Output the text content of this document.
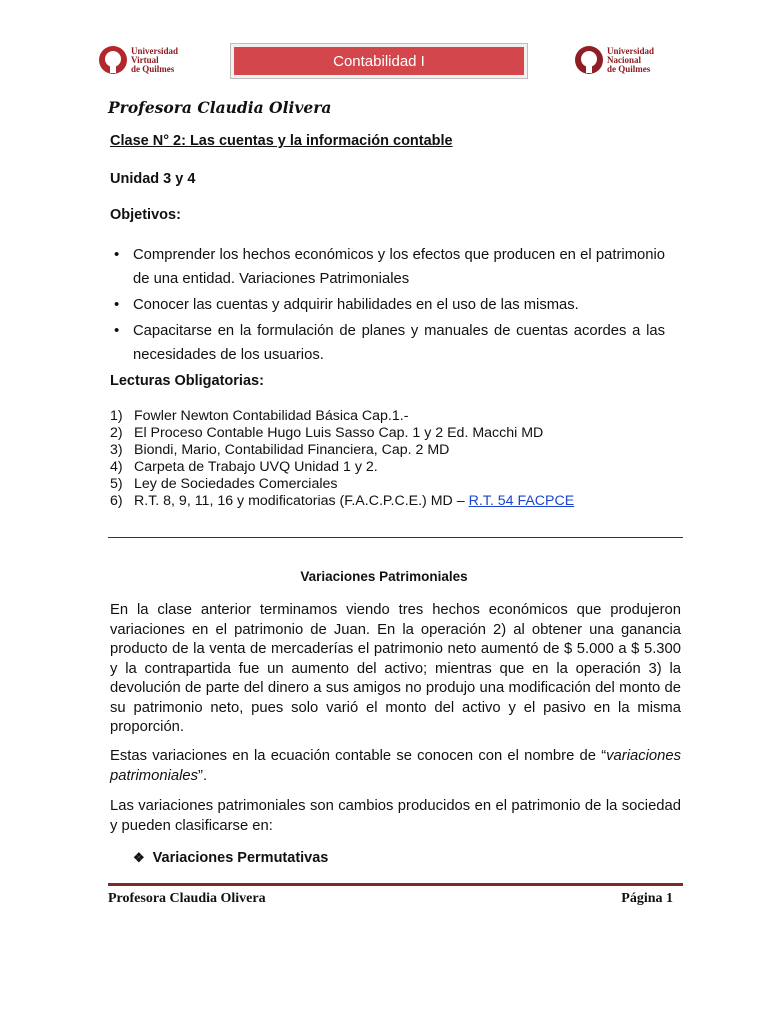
Universidad
Virtual
de Quilmes	Contabilidad I
Universidad
Nacional
de Quilmes
Profesora Claudia Olivera
Clase N° 2: Las cuentas y la información contable
Unidad 3 y 4
Objetivos:
• Comprender los hechos económicos y los efectos que producen en el patrimonio de una entidad. Variaciones Patrimoniales
• Conocer las cuentas y adquirir habilidades en el uso de las mismas.
• Capacitarse en la formulación de planes y manuales de cuentas acordes a las necesidades de los usuarios.
Lecturas Obligatorias:
1) Fowler Newton Contabilidad Básica Cap.1.-
2) El Proceso Contable Hugo Luis Sasso Cap. 1 y 2 Ed. Macchi MD
3) Biondi, Mario, Contabilidad Financiera, Cap. 2 MD
4) Carpeta de Trabajo UVQ Unidad 1 y 2.
5) Ley de Sociedades Comerciales
6) R.T. 8, 9, 11, 16 y modificatorias (F.A.C.P.C.E.) MD – R.T. 54 FACPCE
Variaciones Patrimoniales
En la clase anterior terminamos viendo tres hechos económicos que produjeron variaciones en el patrimonio de Juan. En la operación 2) al obtener una ganancia producto de la venta de mercaderías el patrimonio neto aumentó de $ 5.000 a $ 5.300 y la contrapartida fue un aumento del activo; mientras que en la operación 3) la devolución de parte del dinero a sus amigos no produjo una modificación del monto de su patrimonio neto, pues solo varió el monto del activo y el pasivo en la misma proporción.
Estas variaciones en la ecuación contable se conocen con el nombre de “variaciones patrimoniales”.
Las variaciones patrimoniales son cambios producidos en el patrimonio de la sociedad y pueden clasificarse en:
❖ Variaciones Permutativas
Profesora Claudia Olivera	Página 1
